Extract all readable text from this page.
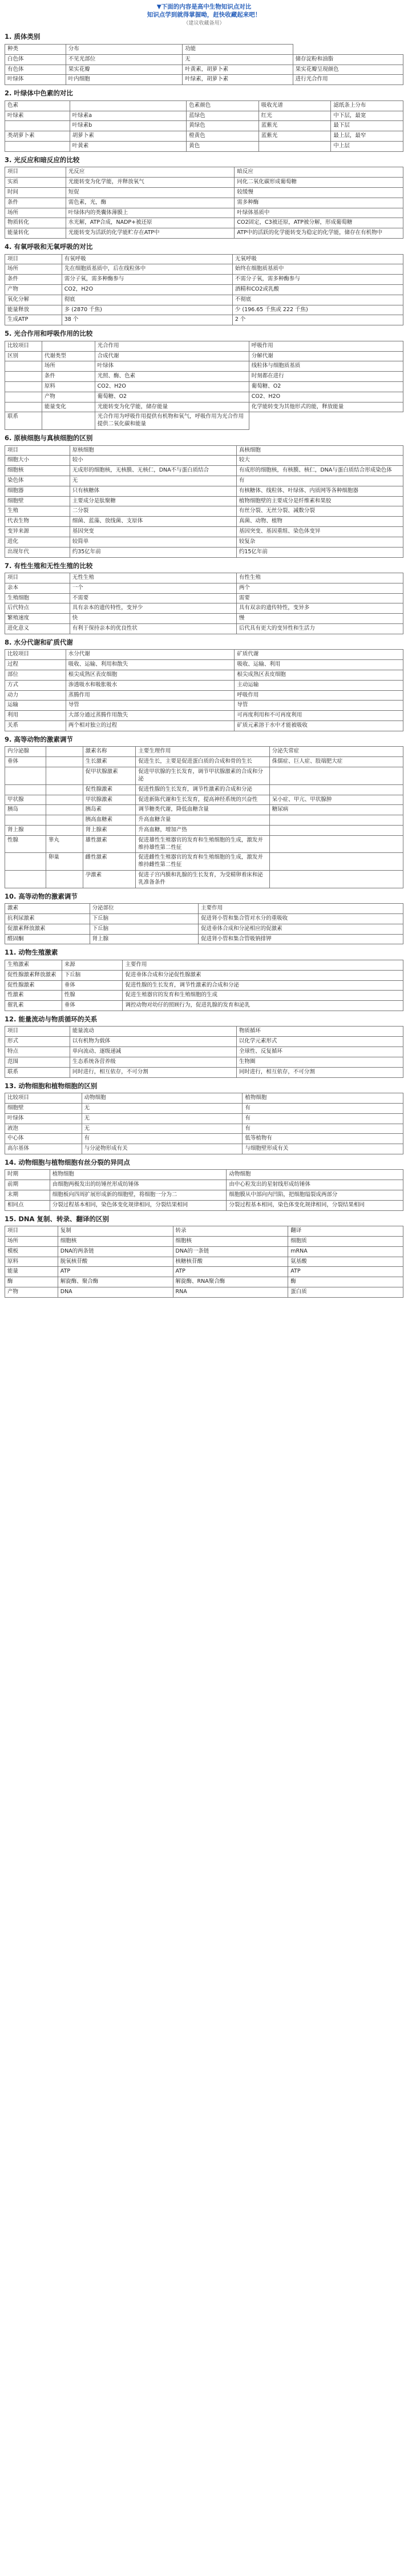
▼下面的内容是高中生物知识点对比
知识点学到就得掌握呦，赶快收藏起来吧！
（建议收藏备用）
1. 质体类别
种类	分布	功能	
白色体	不见光部位	无	储存淀粉和油脂
有色体	果实花瓣	叶黄素，胡萝卜素	果实花瓣呈现颜色
叶绿体	叶内细胞	叶绿素，胡萝卜素	进行光合作用
2. 叶绿体中色素的对比
色素		色素颜色	吸收光谱	滤纸条上分布
叶绿素	叶绿素a	蓝绿色	红光	中下层，最宽
	叶绿素b	黄绿色	蓝紫光	最下层
类胡萝卜素	胡萝卜素	橙黄色	蓝紫光	最上层，最窄
	叶黄素	黄色		中上层
3. 光反应和暗反应的比较
项目	光反应	暗反应
实质	光能转变为化学能，并释放氧气	同化二氧化碳形成葡萄糖
时间	短促	较缓慢
条件	需色素，光，酶	需多种酶
场所	叶绿体内的类囊体薄膜上	叶绿体基质中
物质转化	水光解，ATP合成，NADP+被还原	CO2固定，C3被还原，ATP被分解，形成葡萄糖
能量转化	光能转变为活跃的化学能贮存在ATP中	ATP中的活跃的化学能转变为稳定的化学能，储存在有机物中
4. 有氧呼吸和无氧呼吸的对比
项目	有氧呼吸	无氧呼吸
场所	先在细胞质基质中，后在线粒体中	始终在细胞质基质中
条件	需分子氧，需多种酶参与	不需分子氧，需多种酶参与
产物	CO2，H2O	酒精和CO2或乳酸
氧化分解	彻底	不彻底
能量释放	多 (2870 千焦)	少 (196.65 千焦或 222 千焦)
生成ATP	38 个	2 个
5. 光合作用和呼吸作用的比较
比较项目		光合作用	呼吸作用
区别	代谢类型	合成代谢	分解代谢
	场所	叶绿体	线粒体与细胞质基质
	条件	光照、酶、色素	时刻都在进行
	原料	CO2、H2O	葡萄糖、O2
	产物	葡萄糖、O2	CO2、H2O
	能量变化	光能转变为化学能，储存能量	化学能转变为其他形式的能，释放能量
联系		光合作用为呼吸作用提供有机物和氧气，呼吸作用为光合作用提供二氧化碳和能量	
6. 原核细胞与真核细胞的区别
项目	原核细胞	真核细胞
细胞大小	较小	较大
细胞核	无成形的细胞核，无核膜、无核仁，DNA不与蛋白质结合	有成形的细胞核，有核膜、核仁，DNA与蛋白质结合形成染色体
染色体	无	有
细胞器	只有核糖体	有核糖体、线粒体、叶绿体、内质网等各种细胞器
细胞壁	主要成分是肽聚糖	植物细胞壁的主要成分是纤维素和果胶
生殖	二分裂	有丝分裂、无丝分裂、减数分裂
代表生物	细菌、蓝藻、放线菌、支原体	真菌、动物、植物
变异来源	基因突变	基因突变、基因重组、染色体变异
进化	较简单	较复杂
出现年代	约35亿年前	约15亿年前
7. 有性生殖和无性生殖的比较
项目	无性生殖	有性生殖
亲本	一个	两个
生殖细胞	不需要	需要
后代特点	具有亲本的遗传特性，变异少	具有双亲的遗传特性，变异多
繁殖速度	快	慢
进化意义	有利于保持亲本的优良性状	后代具有更大的变异性和生活力
8. 水分代谢和矿质代谢
比较项目	水分代谢	矿质代谢
过程	吸收、运输、利用和散失	吸收、运输、利用
部位	根尖成熟区表皮细胞	根尖成熟区表皮细胞
方式	渗透吸水和吸胀吸水	主动运输
动力	蒸腾作用	呼吸作用
运输	导管	导管
利用	大部分通过蒸腾作用散失	可再度利用和不可再度利用
关系	两个相对独立的过程	矿质元素溶于水中才能被吸收
9. 高等动物的激素调节
内分泌腺		激素名称	主要生理作用	分泌失常症
垂体		生长激素	促进生长，主要是促进蛋白质的合成和骨的生长	侏儒症、巨人症、肢端肥大症
		促甲状腺激素	促进甲状腺的生长发育，调节甲状腺激素的合成和分泌	
		促性腺激素	促进性腺的生长发育，调节性激素的合成和分泌	
甲状腺		甲状腺激素	促进新陈代谢和生长发育，提高神经系统的兴奋性	呆小症、甲亢、甲状腺肿
胰岛		胰岛素	调节糖类代谢，降低血糖含量	糖尿病
		胰高血糖素	升高血糖含量	
肾上腺		肾上腺素	升高血糖，增加产热	
性腺	睾丸	雄性激素	促进雄性生殖器官的发育和生殖细胞的生成，激发并维持雄性第二性征	
	卵巢	雌性激素	促进雌性生殖器官的发育和生殖细胞的生成，激发并维持雌性第二性征	
		孕激素	促进子宫内膜和乳腺的生长发育，为受精卵着床和泌乳准备条件	
10. 高等动物的激素调节
激素	分泌部位	主要作用
抗利尿激素	下丘脑	促进肾小管和集合管对水分的重吸收
促激素释放激素	下丘脑	促进垂体合成和分泌相应的促激素
醛固酮	肾上腺	促进肾小管和集合管吸钠排钾
11. 动物生殖激素
生殖激素	来源	主要作用
促性腺激素释放激素	下丘脑	促进垂体合成和分泌促性腺激素
促性腺激素	垂体	促进性腺的生长发育，调节性激素的合成和分泌
性激素	性腺	促进生殖器官的发育和生殖细胞的生成
催乳素	垂体	调控动物对幼仔的照顾行为，促进乳腺的发育和泌乳
12. 能量流动与物质循环的关系
项目	能量流动	物质循环
形式	以有机物为载体	以化学元素形式
特点	单向流动、逐级递减	全球性、反复循环
范围	生态系统各营养级	生物圈
联系	同时进行，相互依存，不可分割	同时进行，相互依存，不可分割
13. 动物细胞和植物细胞的区别
比较项目	动物细胞	植物细胞
细胞壁	无	有
叶绿体	无	有
液泡	无	有
中心体	有	低等植物有
高尔基体	与分泌物形成有关	与细胞壁形成有关
14. 动物细胞与植物细胞有丝分裂的异同点
时期	植物细胞	动物细胞
前期	由细胞两极发出的纺锤丝形成纺锤体	由中心粒发出的星射线形成纺锤体
末期	细胞板向四周扩展形成新的细胞壁，将细胞一分为二	细胞膜从中部向内凹陷，把细胞缢裂成两部分
相同点	分裂过程基本相同，染色体变化规律相同，分裂结果相同	分裂过程基本相同，染色体变化规律相同，分裂结果相同
15. DNA 复制、转录、翻译的区别
项目	复制	转录	翻译
场所	细胞核	细胞核	细胞质
模板	DNA的两条链	DNA的一条链	mRNA
原料	脱氧核苷酸	核糖核苷酸	氨基酸
能量	ATP	ATP	ATP
酶	解旋酶、聚合酶	解旋酶、RNA聚合酶	酶
产物	DNA	RNA	蛋白质
